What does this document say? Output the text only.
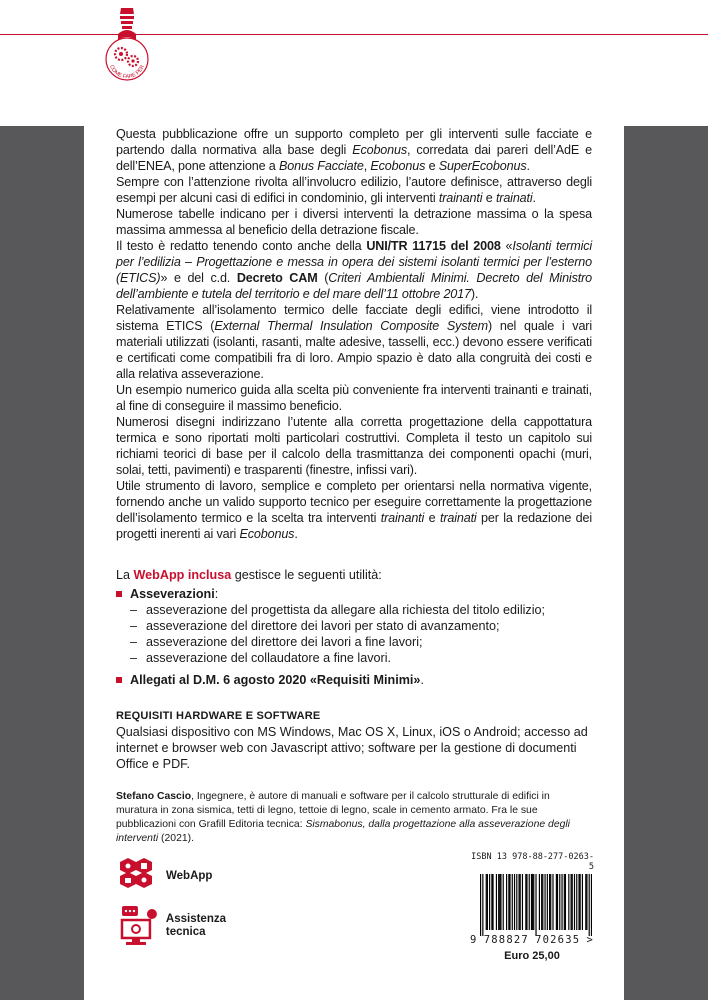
COME FARE PER

Questa pubblicazione offre un supporto completo per gli interventi sulle facciate e partendo dalla normativa alla base degli Ecobonus, corredata dai pareri dell’AdE e dell’ENEA, pone attenzione a Bonus Facciate, Ecobonus e SuperEcobonus.

Sempre con l’attenzione rivolta all’involucro edilizio, l’autore definisce, attraverso degli esempi per alcuni casi di edifici in condominio, gli interventi trainanti e trainati.

Numerose tabelle indicano per i diversi interventi la detrazione massima o la spesa massima ammessa al beneficio della detrazione fiscale.

Il testo è redatto tenendo conto anche della UNI/TR 11715 del 2008 «Isolanti termici per l’edilizia – Progettazione e messa in opera dei sistemi isolanti termici per l’esterno (ETICS)» e del c.d. Decreto CAM (Criteri Ambientali Minimi. Decreto del Ministro dell’ambiente e tutela del territorio e del mare dell’11 ottobre 2017).

Relativamente all’isolamento termico delle facciate degli edifici, viene introdotto il sistema ETICS (External Thermal Insulation Composite System) nel quale i vari materiali utilizzati (isolanti, rasanti, malte adesive, tasselli, ecc.) devono essere verificati e certificati come compatibili fra di loro. Ampio spazio è dato alla congruità dei costi e alla relativa asseverazione.

Un esempio numerico guida alla scelta più conveniente fra interventi trainanti e trainati, al fine di conseguire il massimo beneficio.

Numerosi disegni indirizzano l’utente alla corretta progettazione della cappottatura termica e sono riportati molti particolari costruttivi. Completa il testo un capitolo sui richiami teorici di base per il calcolo della trasmittanza dei componenti opachi (muri, solai, tetti, pavimenti) e trasparenti (finestre, infissi vari).

Utile strumento di lavoro, semplice e completo per orientarsi nella normativa vigente, fornendo anche un valido supporto tecnico per eseguire correttamente la progettazione dell’isolamento termico e la scelta tra interventi trainanti e trainati per la redazione dei progetti inerenti ai vari Ecobonus.

La WebApp inclusa gestisce le seguenti utilità:

Asseverazioni:
– asseverazione del progettista da allegare alla richiesta del titolo edilizio;
– asseverazione del direttore dei lavori per stato di avanzamento;
– asseverazione del direttore dei lavori a fine lavori;
– asseverazione del collaudatore a fine lavori.
Allegati al D.M. 6 agosto 2020 «Requisiti Minimi».
REQUISITI HARDWARE E SOFTWARE

Qualsiasi dispositivo con MS Windows, Mac OS X, Linux, iOS o Android; accesso ad internet e browser web con Javascript attivo; software per la gestione di documenti Office e PDF.

Stefano Cascio, Ingegnere, è autore di manuali e software per il calcolo strutturale di edifici in muratura in zona sismica, tetti di legno, tettoie di legno, scale in cemento armato. Fra le sue pubblicazioni con Grafill Editoria tecnica: Sismabonus, dalla progettazione alla asseverazione degli interventi (2021).

WebApp
Assistenza
tecnica
ISBN 13 978-88-277-0263-5
9 788827 702635 >
Euro 25,00
